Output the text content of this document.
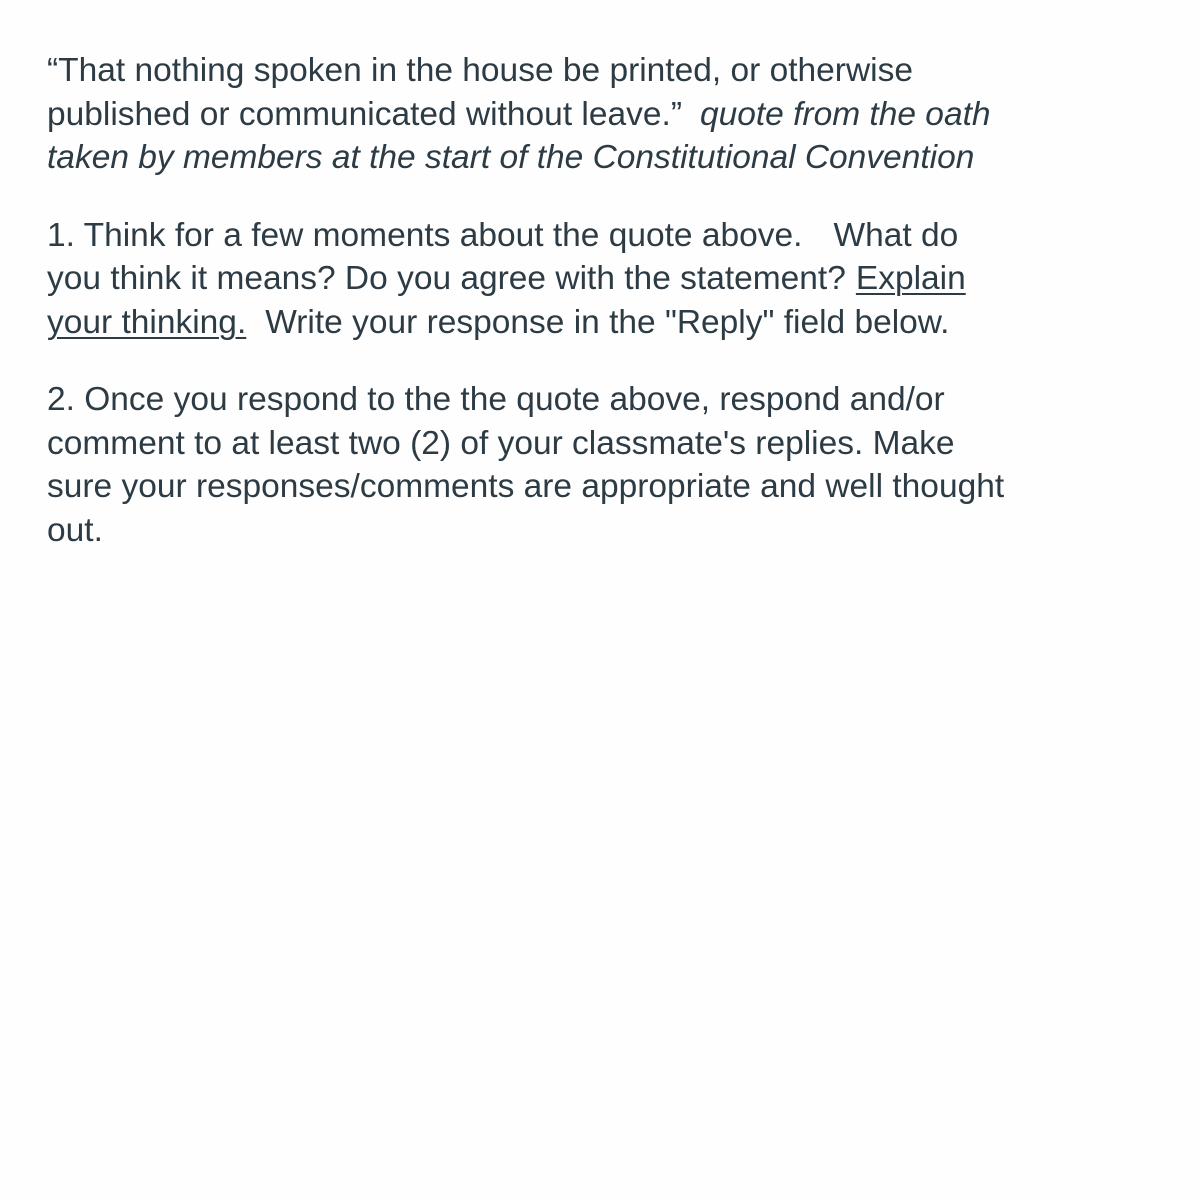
“That nothing spoken in the house be printed, or otherwise
published or communicated without leave.” quote from the oath
taken by members at the start of the Constitutional Convention

1. Think for a few moments about the quote above. What do
you think it means? Do you agree with the statement? Explain
your thinking. Write your response in the "Reply" field below.

2. Once you respond to the the quote above, respond and/or
comment to at least two (2) of your classmate's replies. Make
sure your responses/comments are appropriate and well thought
out.
